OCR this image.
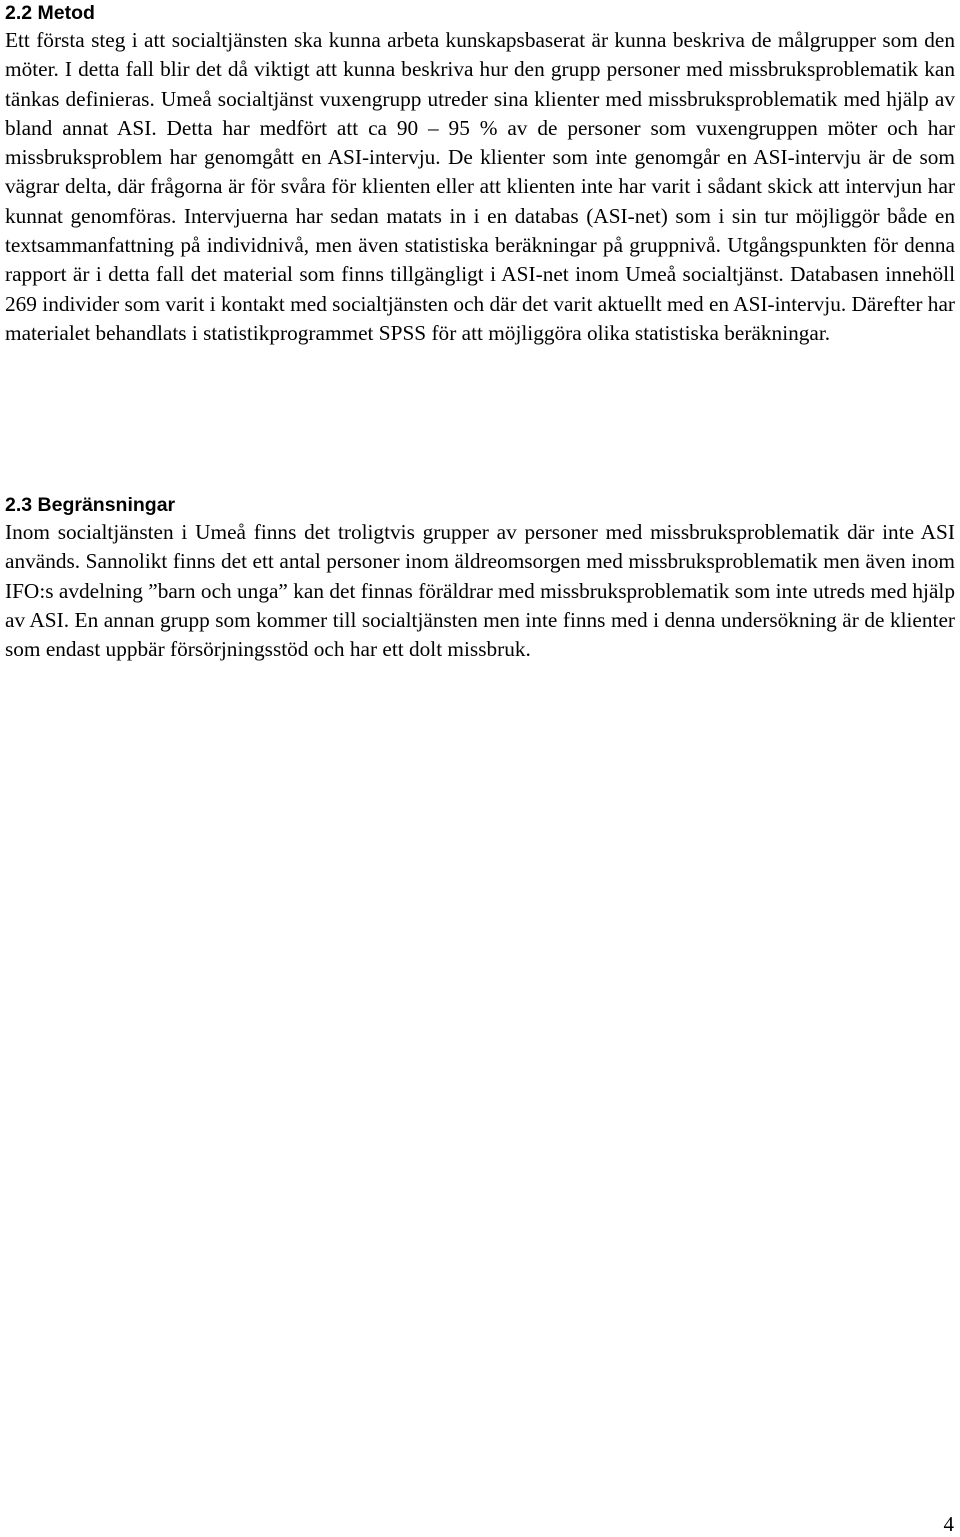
2.2 Metod

Ett första steg i att socialtjänsten ska kunna arbeta kunskapsbaserat är kunna beskriva de målgrupper som den möter. I detta fall blir det då viktigt att kunna beskriva hur den grupp personer med missbruksproblematik kan tänkas definieras. Umeå socialtjänst vuxengrupp utreder sina klienter med missbruksproblematik med hjälp av bland annat ASI. Detta har medfört att ca 90 – 95 % av de personer som vuxengruppen möter och har missbruksproblem har genomgått en ASI-intervju. De klienter som inte genomgår en ASI-intervju är de som vägrar delta, där frågorna är för svåra för klienten eller att klienten inte har varit i sådant skick att intervjun har kunnat genomföras. Intervjuerna har sedan matats in i en databas (ASI-net) som i sin tur möjliggör både en textsammanfattning på individnivå, men även statistiska beräkningar på gruppnivå. Utgångspunkten för denna rapport är i detta fall det material som finns tillgängligt i ASI-net inom Umeå socialtjänst. Databasen innehöll 269 individer som varit i kontakt med socialtjänsten och där det varit aktuellt med en ASI-intervju. Därefter har materialet behandlats i statistikprogrammet SPSS för att möjliggöra olika statistiska beräkningar.

2.3 Begränsningar

Inom socialtjänsten i Umeå finns det troligtvis grupper av personer med missbruksproblematik där inte ASI används. Sannolikt finns det ett antal personer inom äldreomsorgen med missbruksproblematik men även inom IFO:s avdelning ”barn och unga” kan det finnas föräldrar med missbruksproblematik som inte utreds med hjälp av ASI. En annan grupp som kommer till socialtjänsten men inte finns med i denna undersökning är de klienter som endast uppbär försörjningsstöd och har ett dolt missbruk.

4
